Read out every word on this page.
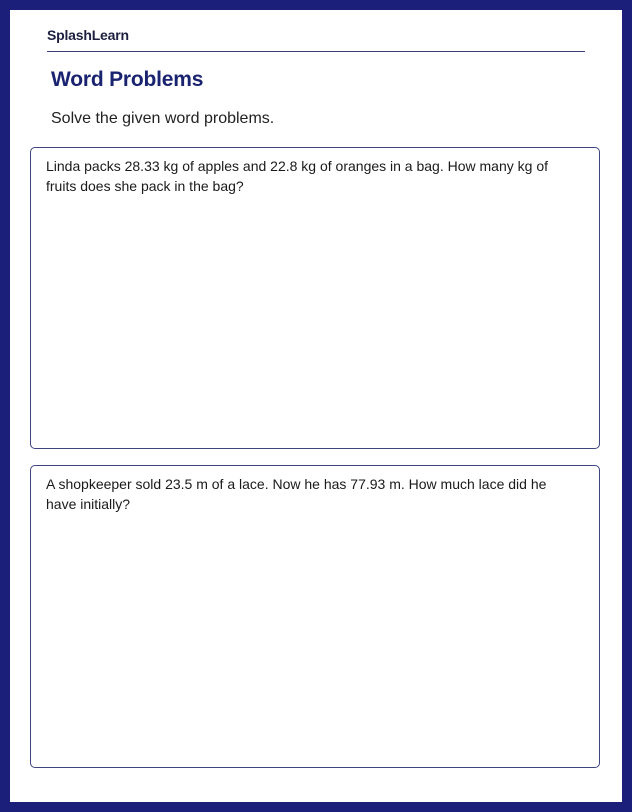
SplashLearn
Word Problems
Solve the given word problems.
Linda packs 28.33 kg of apples and 22.8 kg of oranges in a bag. How many kg of fruits does she pack in the bag?
A shopkeeper sold 23.5 m of a lace. Now he has 77.93 m. How much lace did he have initially?
